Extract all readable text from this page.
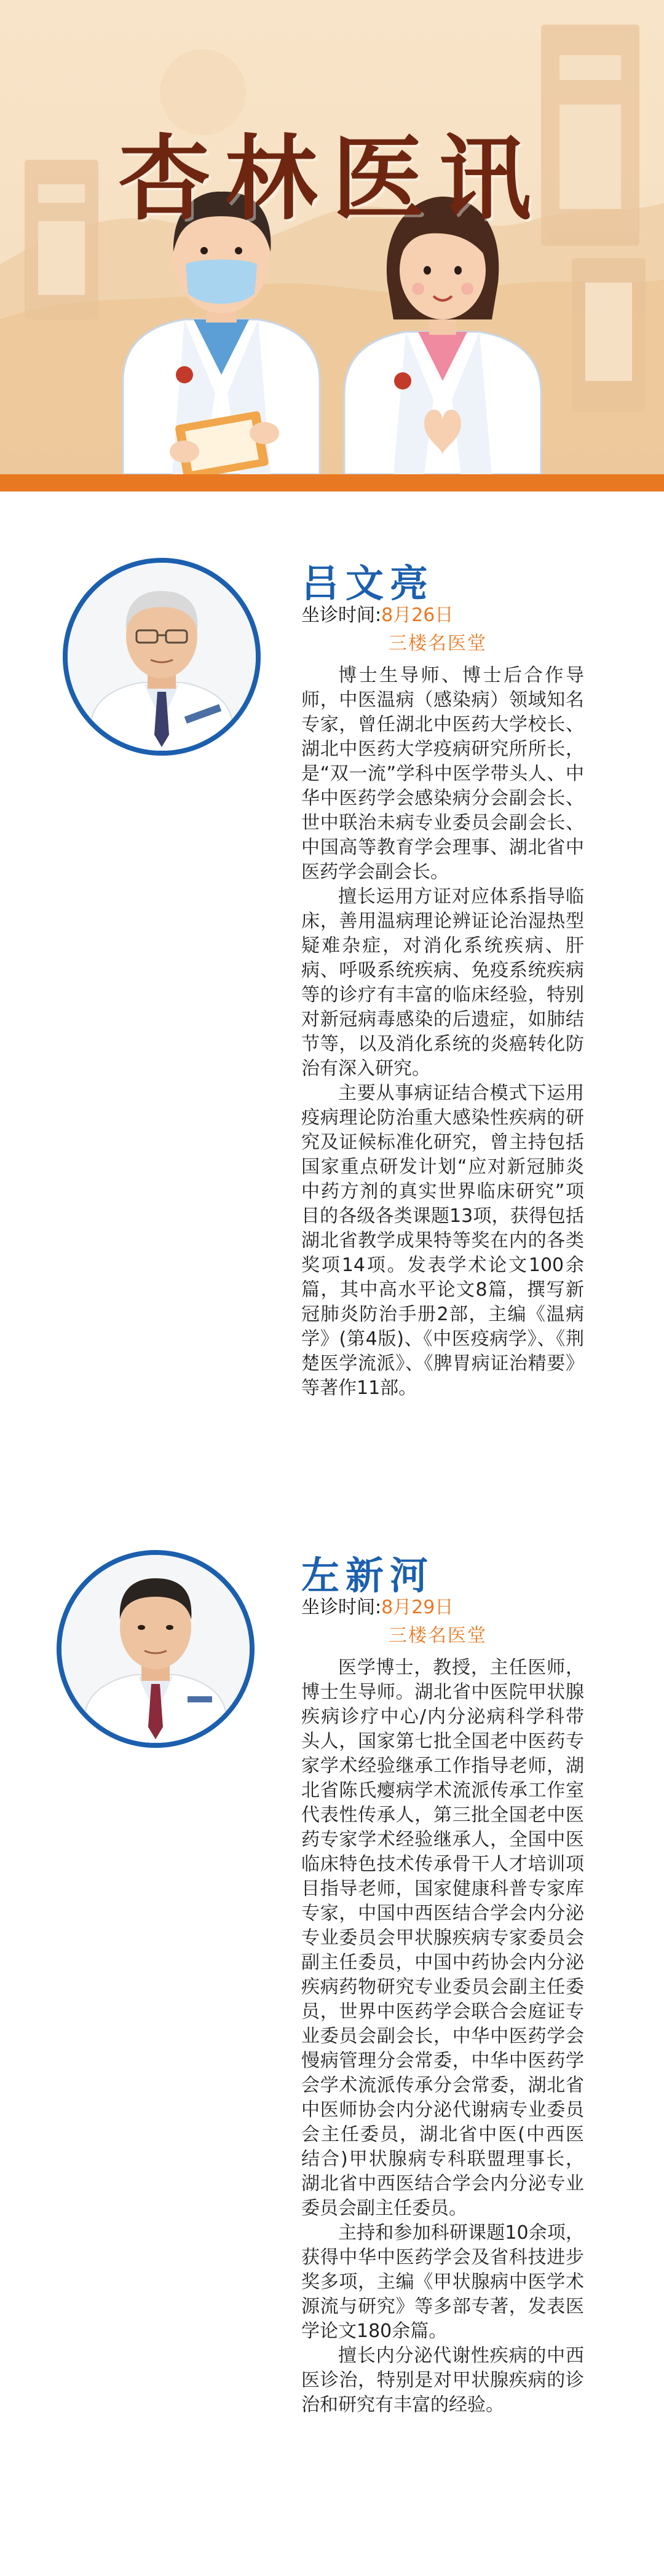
杏林医讯
吕文亮
坐诊时间:8月26日
三楼名医堂

博士生导师、博士后合作导师，中医温病（感染病）领域知名专家，曾任湖北中医药大学校长、湖北中医药大学疫病研究所所长，是“双一流”学科中医学带头人、中华中医药学会感染病分会副会长、世中联治未病专业委员会副会长、中国高等教育学会理事、湖北省中医药学会副会长。

擅长运用方证对应体系指导临床，善用温病理论辨证论治湿热型疑难杂症，对消化系统疾病、肝病、呼吸系统疾病、免疫系统疾病等的诊疗有丰富的临床经验，特别对新冠病毒感染的后遗症，如肺结节等，以及消化系统的炎癌转化防治有深入研究。

主要从事病证结合模式下运用疫病理论防治重大感染性疾病的研究及证候标准化研究，曾主持包括国家重点研发计划“应对新冠肺炎中药方剂的真实世界临床研究”项目的各级各类课题13项，获得包括湖北省教学成果特等奖在内的各类奖项14项。发表学术论文100余篇，其中高水平论文8篇，撰写新冠肺炎防治手册2部，主编《温病学》(第4版)、《中医疫病学》、《荆楚医学流派》、《脾胃病证治精要》等著作11部。

左新河
坐诊时间:8月29日
三楼名医堂

医学博士，教授，主任医师，博士生导师。湖北省中医院甲状腺疾病诊疗中心/内分泌病科学科带头人，国家第七批全国老中医药专家学术经验继承工作指导老师，湖北省陈氏瘿病学术流派传承工作室代表性传承人，第三批全国老中医药专家学术经验继承人，全国中医临床特色技术传承骨干人才培训项目指导老师，国家健康科普专家库专家，中国中西医结合学会内分泌专业委员会甲状腺疾病专家委员会副主任委员，中国中药协会内分泌疾病药物研究专业委员会副主任委员，世界中医药学会联合会庭证专业委员会副会长，中华中医药学会慢病管理分会常委，中华中医药学会学术流派传承分会常委，湖北省中医师协会内分泌代谢病专业委员会主任委员，湖北省中医(中西医结合)甲状腺病专科联盟理事长，湖北省中西医结合学会内分泌专业委员会副主任委员。

主持和参加科研课题10余项，获得中华中医药学会及省科技进步奖多项，主编《甲状腺病中医学术源流与研究》等多部专著，发表医学论文180余篇。

擅长内分泌代谢性疾病的中西医诊治，特别是对甲状腺疾病的诊治和研究有丰富的经验。
